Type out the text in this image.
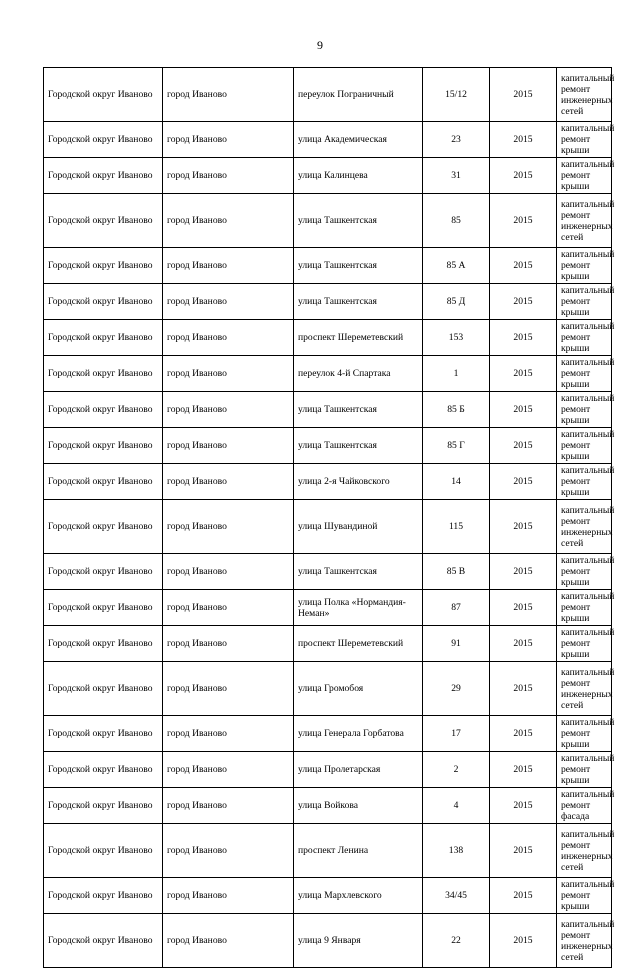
9
Городской округ Иваново	город Иваново	переулок Пограничный	15/12	2015	капитальный ремонт инженерных сетей
Городской округ Иваново	город Иваново	улица Академическая	23	2015	капитальный ремонт крыши
Городской округ Иваново	город Иваново	улица Калинцева	31	2015	капитальный ремонт крыши
Городской округ Иваново	город Иваново	улица Ташкентская	85	2015	капитальный ремонт инженерных сетей
Городской округ Иваново	город Иваново	улица Ташкентская	85 А	2015	капитальный ремонт крыши
Городской округ Иваново	город Иваново	улица Ташкентская	85 Д	2015	капитальный ремонт крыши
Городской округ Иваново	город Иваново	проспект Шереметевский	153	2015	капитальный ремонт крыши
Городской округ Иваново	город Иваново	переулок 4-й Спартака	1	2015	капитальный ремонт крыши
Городской округ Иваново	город Иваново	улица Ташкентская	85 Б	2015	капитальный ремонт крыши
Городской округ Иваново	город Иваново	улица Ташкентская	85 Г	2015	капитальный ремонт крыши
Городской округ Иваново	город Иваново	улица 2-я Чайковского	14	2015	капитальный ремонт крыши
Городской округ Иваново	город Иваново	улица Шувандиной	115	2015	капитальный ремонт инженерных сетей
Городской округ Иваново	город Иваново	улица Ташкентская	85 В	2015	капитальный ремонт крыши
Городской округ Иваново	город Иваново	улица Полка «Нормандия-Неман»	87	2015	капитальный ремонт крыши
Городской округ Иваново	город Иваново	проспект Шереметевский	91	2015	капитальный ремонт крыши
Городской округ Иваново	город Иваново	улица Громобоя	29	2015	капитальный ремонт инженерных сетей
Городской округ Иваново	город Иваново	улица Генерала Горбатова	17	2015	капитальный ремонт крыши
Городской округ Иваново	город Иваново	улица Пролетарская	2	2015	капитальный ремонт крыши
Городской округ Иваново	город Иваново	улица Войкова	4	2015	капитальный ремонт фасада
Городской округ Иваново	город Иваново	проспект Ленина	138	2015	капитальный ремонт инженерных сетей
Городской округ Иваново	город Иваново	улица Мархлевского	34/45	2015	капитальный ремонт крыши
Городской округ Иваново	город Иваново	улица 9 Января	22	2015	капитальный ремонт инженерных сетей
